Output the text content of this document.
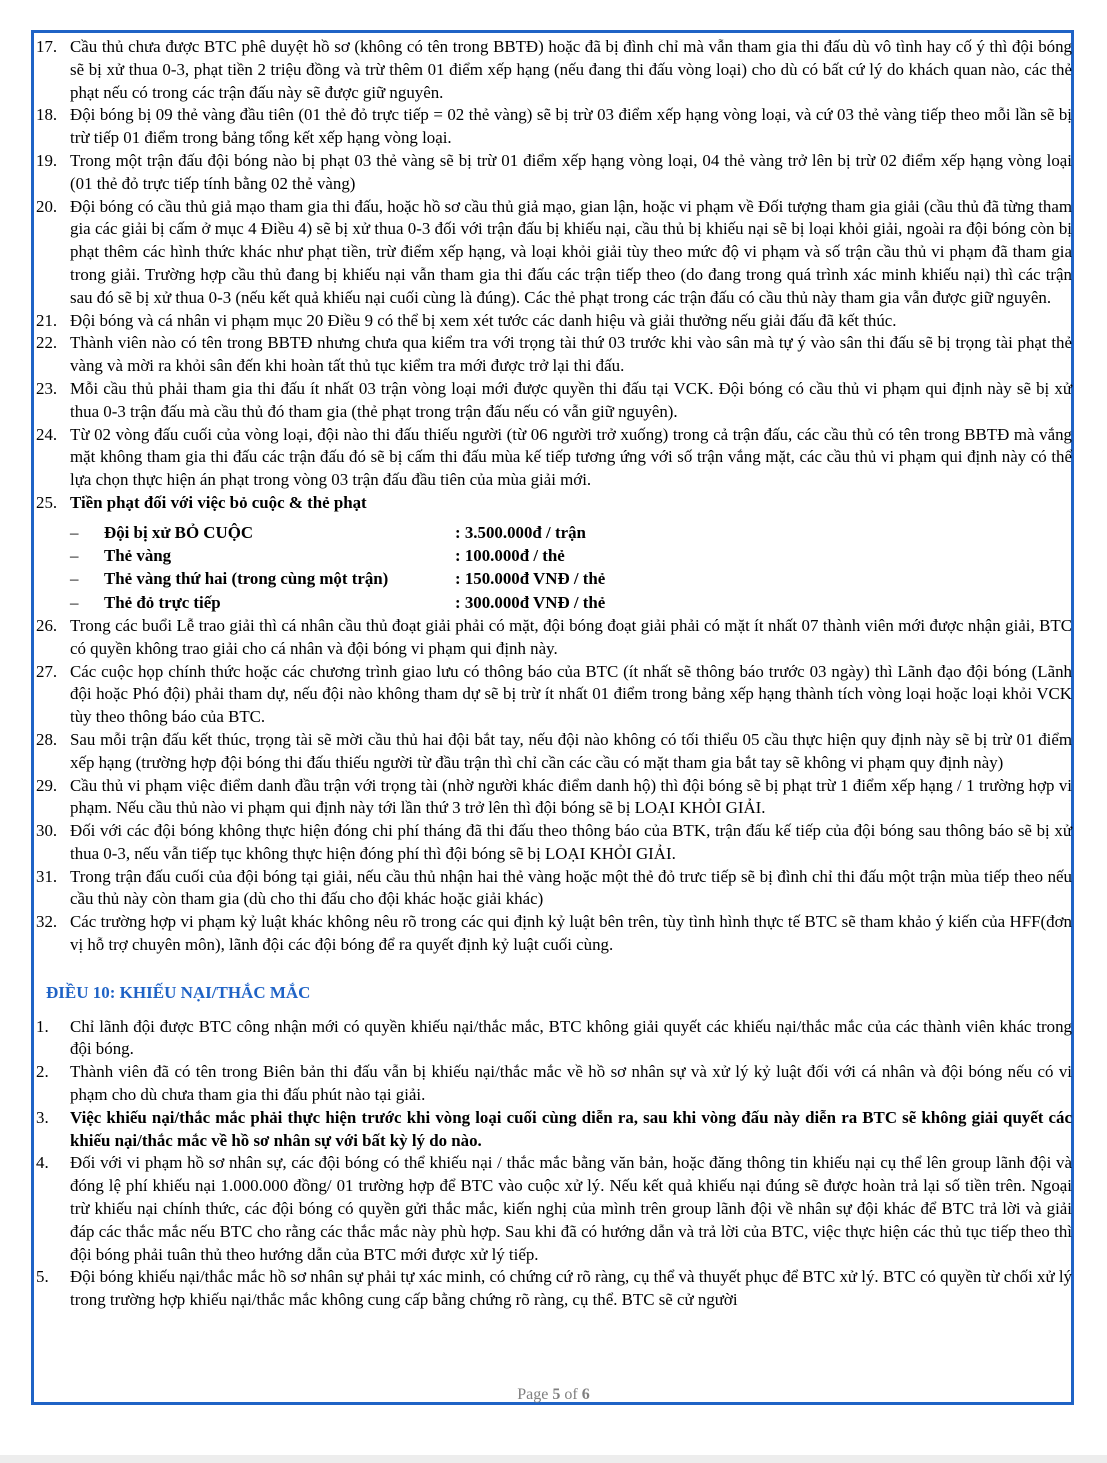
17. Cầu thủ chưa được BTC phê duyệt hồ sơ (không có tên trong BBTĐ) hoặc đã bị đình chỉ mà vẫn tham gia thi đấu dù vô tình hay cố ý thì đội bóng sẽ bị xử thua 0-3, phạt tiền 2 triệu đồng và trừ thêm 01 điểm xếp hạng (nếu đang thi đấu vòng loại) cho dù có bất cứ lý do khách quan nào, các thẻ phạt nếu có trong các trận đấu này sẽ được giữ nguyên.
18. Đội bóng bị 09 thẻ vàng đầu tiên (01 thẻ đỏ trực tiếp = 02 thẻ vàng) sẽ bị trừ 03 điểm xếp hạng vòng loại, và cứ 03 thẻ vàng tiếp theo mỗi lần sẽ bị trừ tiếp 01 điểm trong bảng tổng kết xếp hạng vòng loại.
19. Trong một trận đấu đội bóng nào bị phạt 03 thẻ vàng sẽ bị trừ 01 điểm xếp hạng vòng loại, 04 thẻ vàng trở lên bị trừ 02 điểm xếp hạng vòng loại (01 thẻ đỏ trực tiếp tính bằng 02 thẻ vàng)
20. Đội bóng có cầu thủ giả mạo tham gia thi đấu, hoặc hồ sơ cầu thủ giả mạo, gian lận, hoặc vi phạm về Đối tượng tham gia giải (cầu thủ đã từng tham gia các giải bị cấm ở mục 4 Điều 4) sẽ bị xử thua 0-3 đối với trận đấu bị khiếu nại, cầu thủ bị khiếu nại sẽ bị loại khỏi giải, ngoài ra đội bóng còn bị phạt thêm các hình thức khác như phạt tiền, trừ điểm xếp hạng, và loại khỏi giải tùy theo mức độ vi phạm và số trận cầu thủ vi phạm đã tham gia trong giải. Trường hợp cầu thủ đang bị khiếu nại vẫn tham gia thi đấu các trận tiếp theo (do đang trong quá trình xác minh khiếu nại) thì các trận sau đó sẽ bị xử thua 0-3 (nếu kết quả khiếu nại cuối cùng là đúng). Các thẻ phạt trong các trận đấu có cầu thủ này tham gia vẫn được giữ nguyên.
21. Đội bóng và cá nhân vi phạm mục 20 Điều 9 có thể bị xem xét tước các danh hiệu và giải thưởng nếu giải đấu đã kết thúc.
22. Thành viên nào có tên trong BBTĐ nhưng chưa qua kiểm tra với trọng tài thứ 03 trước khi vào sân mà tự ý vào sân thi đấu sẽ bị trọng tài phạt thẻ vàng và mời ra khỏi sân đến khi hoàn tất thủ tục kiểm tra mới được trở lại thi đấu.
23. Mỗi cầu thủ phải tham gia thi đấu ít nhất 03 trận vòng loại mới được quyền thi đấu tại VCK. Đội bóng có cầu thủ vi phạm qui định này sẽ bị xử thua 0-3 trận đấu mà cầu thủ đó tham gia (thẻ phạt trong trận đấu nếu có vẫn giữ nguyên).
24. Từ 02 vòng đấu cuối của vòng loại, đội nào thi đấu thiếu người (từ 06 người trở xuống) trong cả trận đấu, các cầu thủ có tên trong BBTĐ mà vắng mặt không tham gia thi đấu các trận đấu đó sẽ bị cấm thi đấu mùa kế tiếp tương ứng với số trận vắng mặt, các cầu thủ vi phạm qui định này có thể lựa chọn thực hiện án phạt trong vòng 03 trận đấu đầu tiên của mùa giải mới.
25. Tiền phạt đối với việc bỏ cuộc & thẻ phạt
– Đội bị xử BỎ CUỘC	: 3.500.000đ / trận
– Thẻ vàng	: 100.000đ / thẻ
– Thẻ vàng thứ hai (trong cùng một trận)	: 150.000đ VNĐ / thẻ
– Thẻ đỏ trực tiếp	: 300.000đ VNĐ / thẻ
26. Trong các buổi Lễ trao giải thì cá nhân cầu thủ đoạt giải phải có mặt, đội bóng đoạt giải phải có mặt ít nhất 07 thành viên mới được nhận giải, BTC có quyền không trao giải cho cá nhân và đội bóng vi phạm qui định này.
27. Các cuộc họp chính thức hoặc các chương trình giao lưu có thông báo của BTC (ít nhất sẽ thông báo trước 03 ngày) thì Lãnh đạo đội bóng (Lãnh đội hoặc Phó đội) phải tham dự, nếu đội nào không tham dự sẽ bị trừ ít nhất 01 điểm trong bảng xếp hạng thành tích vòng loại hoặc loại khỏi VCK tùy theo thông báo của BTC.
28. Sau mỗi trận đấu kết thúc, trọng tài sẽ mời cầu thủ hai đội bắt tay, nếu đội nào không có tối thiểu 05 cầu thực hiện quy định này sẽ bị trừ 01 điểm xếp hạng (trường hợp đội bóng thi đấu thiếu người từ đầu trận thì chỉ cần các cầu có mặt tham gia bắt tay sẽ không vi phạm quy định này)
29. Cầu thủ vi phạm việc điểm danh đầu trận với trọng tài (nhờ người khác điểm danh hộ) thì đội bóng sẽ bị phạt trừ 1 điểm xếp hạng / 1 trường hợp vi phạm. Nếu cầu thủ nào vi phạm qui định này tới lần thứ 3 trở lên thì đội bóng sẽ bị LOẠI KHỎI GIẢI.
30. Đối với các đội bóng không thực hiện đóng chi phí tháng đã thi đấu theo thông báo của BTK, trận đấu kế tiếp của đội bóng sau thông báo sẽ bị xử thua 0-3, nếu vẫn tiếp tục không thực hiện đóng phí thì đội bóng sẽ bị LOẠI KHỎI GIẢI.
31. Trong trận đấu cuối của đội bóng tại giải, nếu cầu thủ nhận hai thẻ vàng hoặc một thẻ đỏ trưc tiếp sẽ bị đình chỉ thi đấu một trận mùa tiếp theo nếu cầu thủ này còn tham gia (dù cho thi đấu cho đội khác hoặc giải khác)
32. Các trường hợp vi phạm kỷ luật khác không nêu rõ trong các qui định kỷ luật bên trên, tùy tình hình thực tế BTC sẽ tham khảo ý kiến của HFF(đơn vị hỗ trợ chuyên môn), lãnh đội các đội bóng để ra quyết định kỷ luật cuối cùng.
ĐIỀU 10: KHIẾU NẠI/THẮC MẮC
1. Chỉ lãnh đội được BTC công nhận mới có quyền khiếu nại/thắc mắc, BTC không giải quyết các khiếu nại/thắc mắc của các thành viên khác trong đội bóng.
2. Thành viên đã có tên trong Biên bản thi đấu vẫn bị khiếu nại/thắc mắc về hồ sơ nhân sự và xử lý kỷ luật đối với cá nhân và đội bóng nếu có vi phạm cho dù chưa tham gia thi đấu phút nào tại giải.
3. Việc khiếu nại/thắc mắc phải thực hiện trước khi vòng loại cuối cùng diễn ra, sau khi vòng đấu này diễn ra BTC sẽ không giải quyết các khiếu nại/thắc mắc về hồ sơ nhân sự với bất kỳ lý do nào.
4. Đối với vi phạm hồ sơ nhân sự, các đội bóng có thể khiếu nại / thắc mắc bằng văn bản, hoặc đăng thông tin khiếu nại cụ thể lên group lãnh đội và đóng lệ phí khiếu nại 1.000.000 đồng/ 01 trường hợp để BTC vào cuộc xử lý. Nếu kết quả khiếu nại đúng sẽ được hoàn trả lại số tiền trên. Ngoại trừ khiếu nại chính thức, các đội bóng có quyền gửi thắc mắc, kiến nghị của mình trên group lãnh đội về nhân sự đội khác để BTC trả lời và giải đáp các thắc mắc nếu BTC cho rằng các thắc mắc này phù hợp. Sau khi đã có hướng dẫn và trả lời của BTC, việc thực hiện các thủ tục tiếp theo thì đội bóng phải tuân thủ theo hướng dẫn của BTC mới được xử lý tiếp.
5. Đội bóng khiếu nại/thắc mắc hồ sơ nhân sự phải tự xác minh, có chứng cứ rõ ràng, cụ thể và thuyết phục để BTC xử lý. BTC có quyền từ chối xử lý trong trường hợp khiếu nại/thắc mắc không cung cấp bằng chứng rõ ràng, cụ thể. BTC sẽ cử người
Page 5 of 6
